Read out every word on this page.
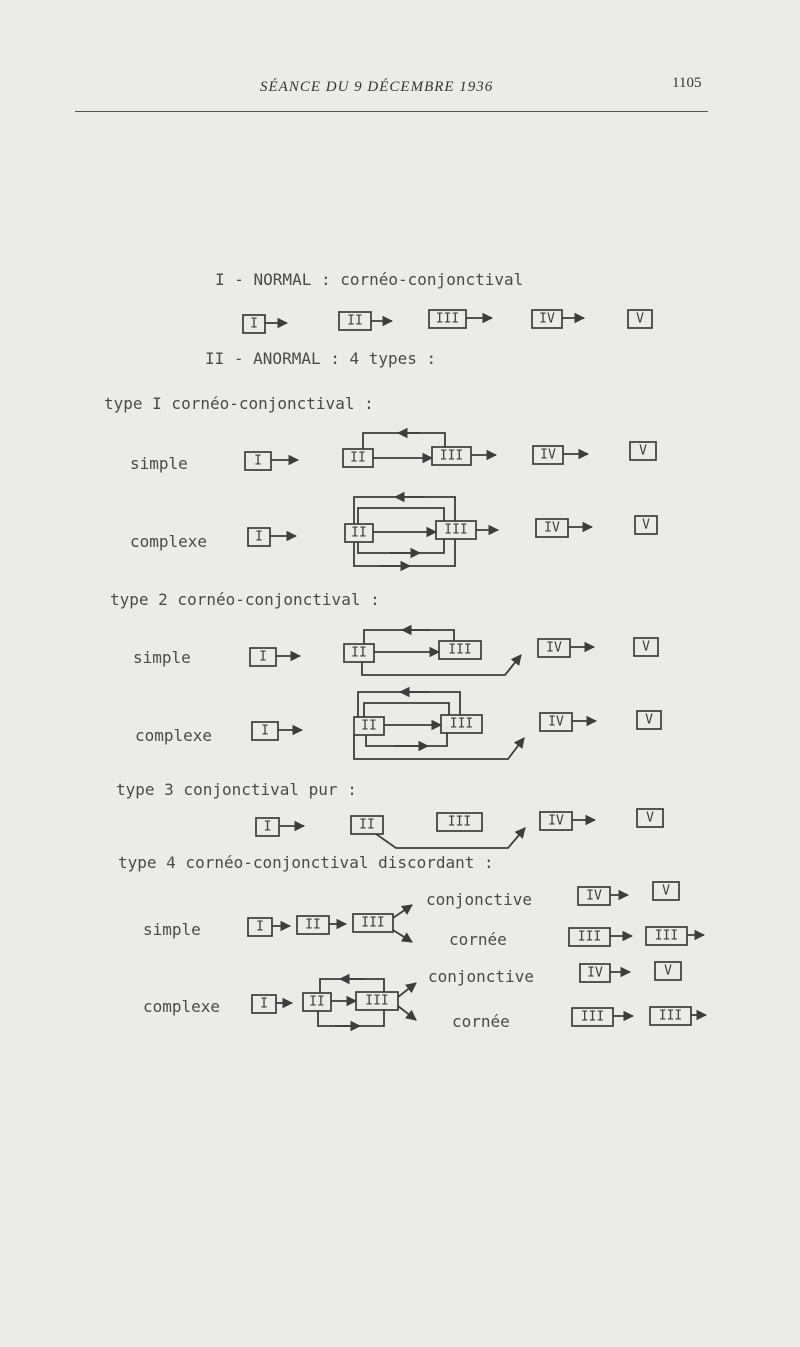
SÉANCE DU 9 DÉCEMBRE 1936	1105
I - NORMAL : cornéo-conjonctival
II - ANORMAL : 4 types :
type I cornéo-conjonctival :
simple
complexe
type 2 cornéo-conjonctival :
simple
complexe
type 3 conjonctival pur :
type 4 cornéo-conjonctival discordant :
simple
complexe
conjonctive
cornée
conjonctive
cornée
I	II	III	IV	V
I	II	III	IV	V
I	II	III	IV	V
I	II	III	IV	V
I	II	III	IV	V
I	II	III	IV	V
I	II	III
IV	V
III	III
I	II	III
IV	V
III	III
